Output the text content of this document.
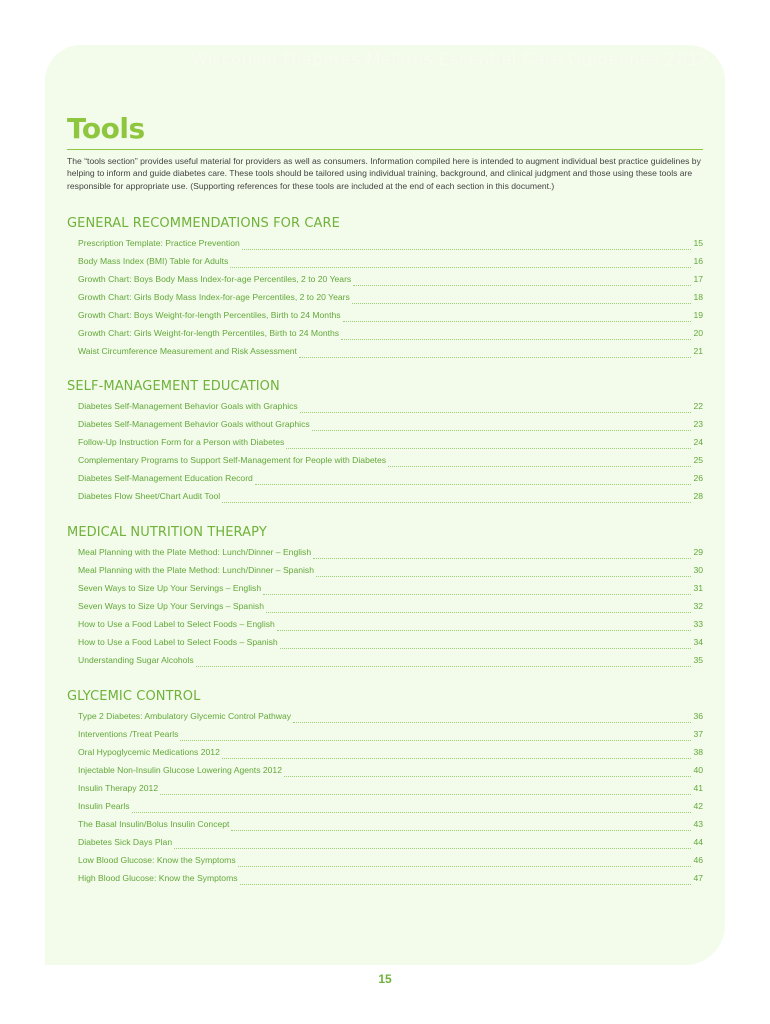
Wisconsin Diabetes Mellitus Essential Care Guidelines 2012
Tools

The “tools section” provides useful material for providers as well as consumers. Information compiled here is intended to augment individual best practice guidelines by helping to inform and guide diabetes care. These tools should be tailored using individual training, background, and clinical judgment and those using these tools are responsible for appropriate use. (Supporting references for these tools are included at the end of each section in this document.)

GENERAL RECOMMENDATIONS FOR CARE
Prescription Template: Practice Prevention	15
Body Mass Index (BMI) Table for Adults	16
Growth Chart: Boys Body Mass Index-for-age Percentiles, 2 to 20 Years	17
Growth Chart: Girls Body Mass Index-for-age Percentiles, 2 to 20 Years	18
Growth Chart: Boys Weight-for-length Percentiles, Birth to 24 Months	19
Growth Chart: Girls Weight-for-length Percentiles, Birth to 24 Months	20
Waist Circumference Measurement and Risk Assessment	21
SELF-MANAGEMENT EDUCATION
Diabetes Self-Management Behavior Goals with Graphics	22
Diabetes Self-Management Behavior Goals without Graphics	23
Follow-Up Instruction Form for a Person with Diabetes	24
Complementary Programs to Support Self-Management for People with Diabetes	25
Diabetes Self-Management Education Record	26
Diabetes Flow Sheet/Chart Audit Tool	28
MEDICAL NUTRITION THERAPY
Meal Planning with the Plate Method: Lunch/Dinner – English	29
Meal Planning with the Plate Method: Lunch/Dinner – Spanish	30
Seven Ways to Size Up Your Servings – English	31
Seven Ways to Size Up Your Servings – Spanish	32
How to Use a Food Label to Select Foods – English	33
How to Use a Food Label to Select Foods – Spanish	34
Understanding Sugar Alcohols	35
GLYCEMIC CONTROL
Type 2 Diabetes: Ambulatory Glycemic Control Pathway	36
Interventions /Treat Pearls	37
Oral Hypoglycemic Medications 2012	38
Injectable Non-Insulin Glucose Lowering Agents 2012	40
Insulin Therapy 2012	41
Insulin Pearls	42
The Basal Insulin/Bolus Insulin Concept	43
Diabetes Sick Days Plan	44
Low Blood Glucose: Know the Symptoms	46
High Blood Glucose: Know the Symptoms	47
15
